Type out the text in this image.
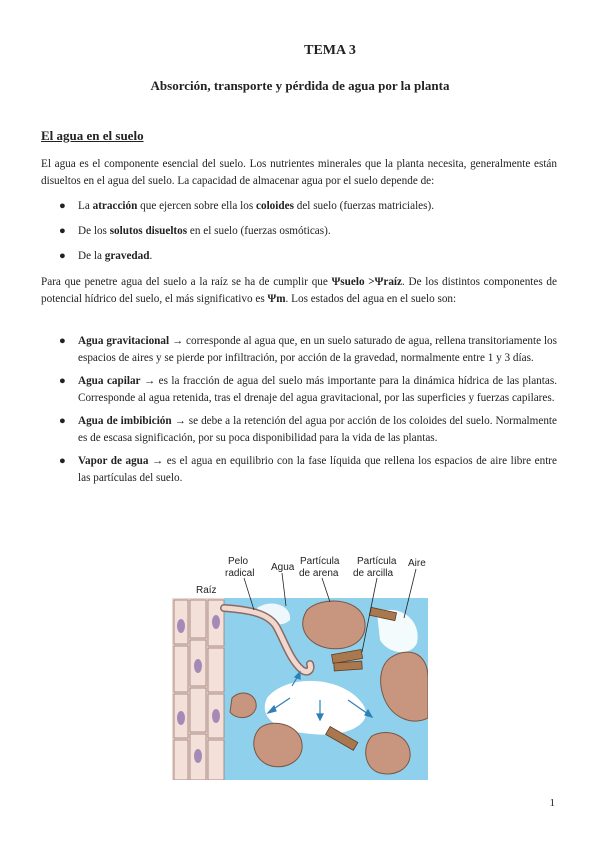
TEMA 3
Absorción, transporte y pérdida de agua por la planta
El agua en el suelo

El agua es el componente esencial del suelo. Los nutrientes minerales que la planta necesita, generalmente están disueltos en el agua del suelo. La capacidad de almacenar agua por el suelo depende de:

● La atracción que ejercen sobre ella los coloides del suelo (fuerzas matriciales).
● De los solutos disueltos en el suelo (fuerzas osmóticas).
● De la gravedad.

Para que penetre agua del suelo a la raíz se ha de cumplir que Ψsuelo >Ψraíz. De los distintos componentes de potencial hídrico del suelo, el más significativo es Ψm. Los estados del agua en el suelo son:

● Agua gravitacional → corresponde al agua que, en un suelo saturado de agua, rellena transitoriamente los espacios de aires y se pierde por infiltración, por acción de la gravedad, normalmente entre 1 y 3 días.
● Agua capilar → es la fracción de agua del suelo más importante para la dinámica hídrica de las plantas. Corresponde al agua retenida, tras el drenaje del agua gravitacional, por las superficies y fuerzas capilares.
● Agua de imbibición → se debe a la retención del agua por acción de los coloides del suelo. Normalmente es de escasa significación, por su poca disponibilidad para la vida de las plantas.
● Vapor de agua → es el agua en equilibrio con la fase líquida que rellena los espacios de aire libre entre las partículas del suelo.
Pelo
radical
Agua
Partícula
de arena
Partícula
de arcilla
Aire
Raíz
1
